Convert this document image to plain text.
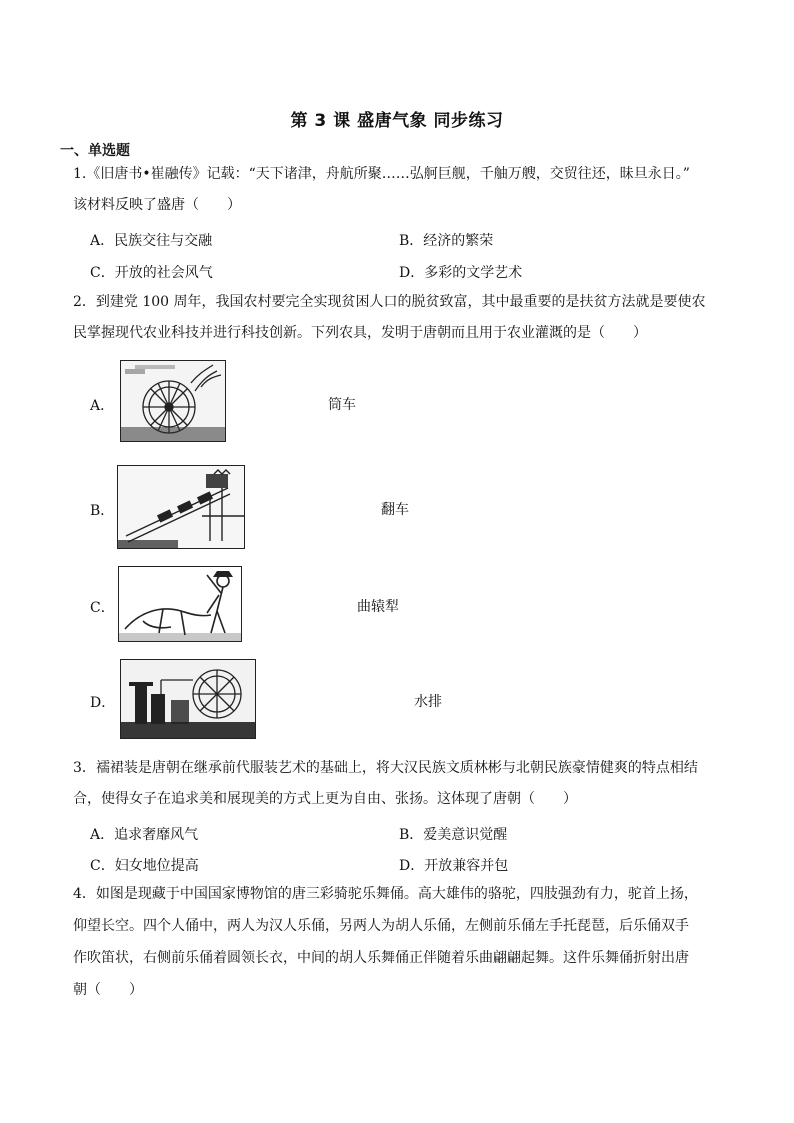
第 3 课 盛唐气象 同步练习
一、单选题
1.《旧唐书•崔融传》记载：“天下诸津，舟航所聚……弘舸巨舰，千舳万艘，交贸往还，昧旦永日。”
该材料反映了盛唐（　　）
A．民族交往与交融	B．经济的繁荣
C．开放的社会风气	D．多彩的文学艺术
2．到建党 100 周年，我国农村要完全实现贫困人口的脱贫致富，其中最重要的是扶贫方法就是要使农
民掌握现代农业科技并进行科技创新。下列农具，发明于唐朝而且用于农业灌溉的是（　　）
A．	筒车
B．	翻车
C．	曲辕犁
D．	水排
3．襦裙装是唐朝在继承前代服装艺术的基础上，将大汉民族文质林彬与北朝民族豪情健爽的特点相结
合，使得女子在追求美和展现美的方式上更为自由、张扬。这体现了唐朝（　　）
A．追求奢靡风气	B．爱美意识觉醒
C．妇女地位提高	D．开放兼容并包
4．如图是现藏于中国国家博物馆的唐三彩骑驼乐舞俑。高大雄伟的骆驼，四肢强劲有力，驼首上扬，
仰望长空。四个人俑中，两人为汉人乐俑，另两人为胡人乐俑，左侧前乐俑左手托琵琶，后乐俑双手
作吹笛状，右侧前乐俑着圆领长衣，中间的胡人乐舞俑正伴随着乐曲翩翩起舞。这件乐舞俑折射出唐
朝（　　）
